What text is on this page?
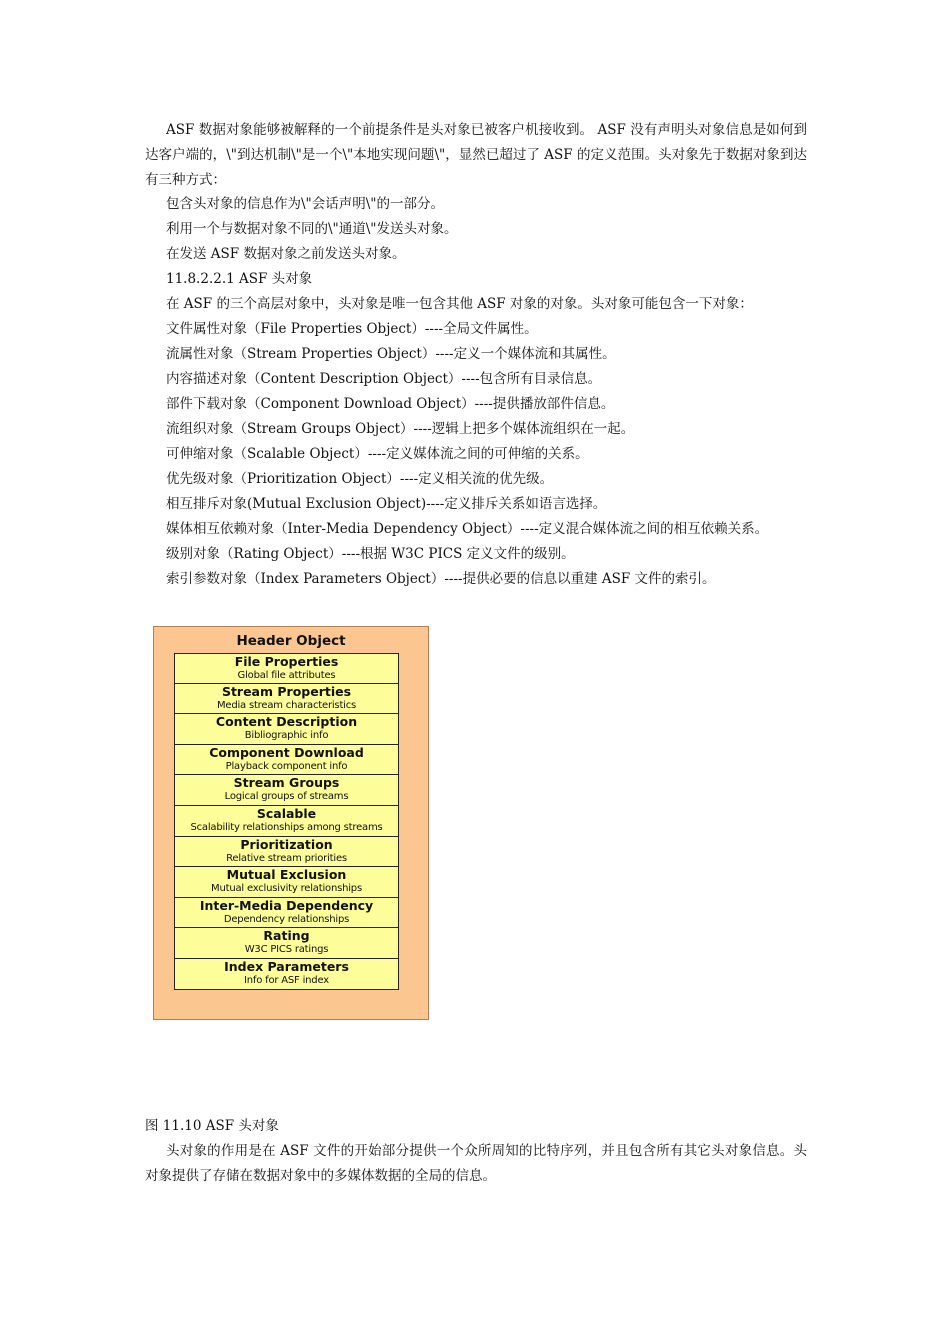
ASF 数据对象能够被解释的一个前提条件是头对象已被客户机接收到。 ASF 没有声明头对象信息是如何到达客户端的，\"到达机制\"是一个\"本地实现问题\"，显然已超过了 ASF 的定义范围。头对象先于数据对象到达有三种方式：

包含头对象的信息作为\"会话声明\"的一部分。

利用一个与数据对象不同的\"通道\"发送头对象。

在发送 ASF 数据对象之前发送头对象。

11.8.2.2.1 ASF 头对象

在 ASF 的三个高层对象中，头对象是唯一包含其他 ASF 对象的对象。头对象可能包含一下对象：

文件属性对象（File Properties Object）----全局文件属性。

流属性对象（Stream Properties Object）----定义一个媒体流和其属性。

内容描述对象（Content Description Object）----包含所有目录信息。

部件下载对象（Component Download Object）----提供播放部件信息。

流组织对象（Stream Groups Object）----逻辑上把多个媒体流组织在一起。

可伸缩对象（Scalable Object）----定义媒体流之间的可伸缩的关系。

优先级对象（Prioritization Object）----定义相关流的优先级。

相互排斥对象(Mutual Exclusion Object)----定义排斥关系如语言选择。

媒体相互依赖对象（Inter-Media Dependency Object）----定义混合媒体流之间的相互依赖关系。

级别对象（Rating Object）----根据 W3C PICS 定义文件的级别。

索引参数对象（Index Parameters Object）----提供必要的信息以重建 ASF 文件的索引。

Header Object
File Properties
Global file attributes
Stream Properties
Media stream characteristics
Content Description
Bibliographic info
Component Download
Playback component info
Stream Groups
Logical groups of streams
Scalable
Scalability relationships among streams
Prioritization
Relative stream priorities
Mutual Exclusion
Mutual exclusivity relationships
Inter-Media Dependency
Dependency relationships
Rating
W3C PICS ratings
Index Parameters
Info for ASF index

图 11.10 ASF 头对象

头对象的作用是在 ASF 文件的开始部分提供一个众所周知的比特序列，并且包含所有其它头对象信息。头对象提供了存储在数据对象中的多媒体数据的全局的信息。
